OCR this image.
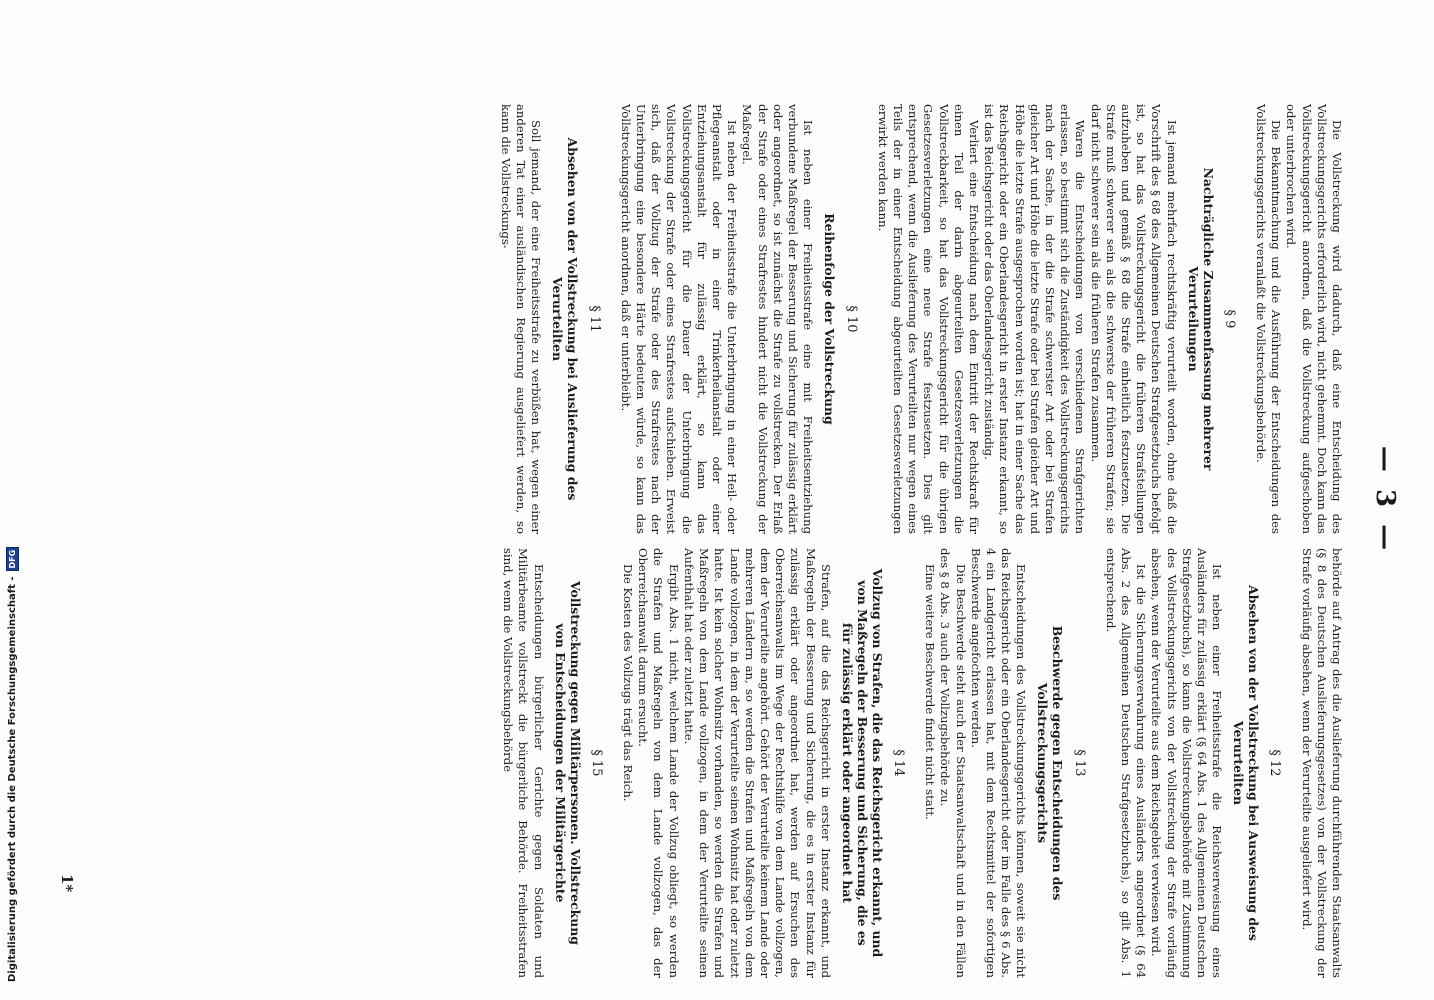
— 3 —

Die Vollstreckung wird dadurch, daß eine Entscheidung des Vollstreckungsgerichts erforderlich wird, nicht gehemmt. Doch kann das Vollstreckungsgericht anordnen, daß die Vollstreckung aufgeschoben oder unterbrochen wird.

Die Bekanntmachung und die Ausführung der Entscheidungen des Vollstreckungsgerichts veranlaßt die Vollstreckungsbehörde.

§ 9
Nachträgliche Zusammenfassung mehrerer Verurteilungen

Ist jemand mehrfach rechtskräftig verurteilt worden, ohne daß die Vorschrift des § 68 des Allgemeinen Deutschen Strafgesetzbuchs befolgt ist, so hat das Vollstreckungsgericht die früheren Strafstellungen aufzuheben und gemäß § 68 die Strafe einheitlich festzusetzen. Die Strafe muß schwerer sein als die schwerste der früheren Strafen; sie darf nicht schwerer sein als die früheren Strafen zusammen.

Waren die Entscheidungen von verschiedenen Strafgerichten erlassen, so bestimmt sich die Zuständigkeit des Vollstreckungsgerichts nach der Sache, in der die Strafe schwerster Art oder bei Strafen gleicher Art und Höhe die letzte Strafe oder bei Strafen gleicher Art und Höhe die letzte Strafe ausgesprochen worden ist; hat in einer Sache das Reichsgericht oder ein Oberlandesgericht in erster Instanz erkannt, so ist das Reichsgericht oder das Oberlandesgericht zuständig.

Verliert eine Entscheidung nach dem Eintritt der Rechtskraft für einen Teil der darin abgeurteilten Gesetzesverletzungen die Vollstreckbarkeit, so hat das Vollstreckungsgericht für die übrigen Gesetzesverletzungen eine neue Strafe festzusetzen. Dies gilt entsprechend, wenn die Auslieferung des Verurteilten nur wegen eines Teils der in einer Entscheidung abgeurteilten Gesetzesverletzungen erwirkt werden kann.

§ 10
Reihenfolge der Vollstreckung

Ist neben einer Freiheitsstrafe eine mit Freiheitsentziehung verbundene Maßregel der Besserung und Sicherung für zulässig erklärt oder angeordnet, so ist zunächst die Strafe zu vollstrecken. Der Erlaß der Strafe oder eines Strafrestes hindert nicht die Vollstreckung der Maßregel.

Ist neben der Freiheitsstrafe die Unterbringung in einer Heil- oder Pflegeanstalt oder in einer Trinkerheilanstalt oder einer Entziehungsanstalt für zulässig erklärt, so kann das Vollstreckungsgericht für die Dauer der Unterbringung die Vollstreckung der Strafe oder eines Strafrestes aufschieben. Erweist sich, daß der Vollzug der Strafe oder des Strafrestes nach der Unterbringung eine besondere Härte bedeuten würde, so kann das Vollstreckungsgericht anordnen, daß er unterbleibt.

§ 11
Absehen von der Vollstreckung bei Auslieferung des Verurteilten

Soll jemand, der eine Freiheitsstrafe zu verbüßen hat, wegen einer anderen Tat einer ausländischen Regierung ausgeliefert werden, so kann die Vollstreckungs-

behörde auf Antrag des die Auslieferung durchführenden Staatsanwalts (§ 8 des Deutschen Auslieferungsgesetzes) von der Vollstreckung der Strafe vorläufig absehen, wenn der Verurteilte ausgeliefert wird.

§ 12
Absehen von der Vollstreckung bei Ausweisung des Verurteilten

Ist neben einer Freiheitsstrafe die Reichsverweisung eines Ausländers für zulässig erklärt (§ 64 Abs. 1 des Allgemeinen Deutschen Strafgesetzbuchs), so kann die Vollstreckungsbehörde mit Zustimmung des Vollstreckungsgerichts von der Vollstreckung der Strafe vorläufig absehen, wenn der Verurteilte aus dem Reichsgebiet verwiesen wird.

Ist die Sicherungsverwahrung eines Ausländers angeordnet (§ 64 Abs. 2 des Allgemeinen Deutschen Strafgesetzbuchs), so gilt Abs. 1 entsprechend.

§ 13
Beschwerde gegen Entscheidungen des Vollstreckungsgerichts

Entscheidungen des Vollstreckungsgerichts können, soweit sie nicht das Reichsgericht oder ein Oberlandesgericht oder im Falle des § 6 Abs. 4 ein Landgericht erlassen hat, mit dem Rechtsmittel der sofortigen Beschwerde angefochten werden.

Die Beschwerde steht auch der Staatsanwaltschaft und in den Fällen des § 8 Abs. 3 auch der Vollzugsbehörde zu.

Eine weitere Beschwerde findet nicht statt.

§ 14
Vollzug von Strafen, die das Reichsgericht erkannt, und von Maßregeln der Besserung und Sicherung, die es für zulässig erklärt oder angeordnet hat

Strafen, auf die das Reichsgericht in erster Instanz erkannt, und Maßregeln der Besserung und Sicherung, die es in erster Instanz für zulässig erklärt oder angeordnet hat, werden auf Ersuchen des Oberreichsanwalts im Wege der Rechtshilfe von dem Lande vollzogen, dem der Verurteilte angehört. Gehört der Verurteilte keinem Lande oder mehreren Ländern an, so werden die Strafen und Maßregeln von dem Lande vollzogen, in dem der Verurteilte seinen Wohnsitz hat oder zuletzt hatte. Ist kein solcher Wohnsitz vorhanden, so werden die Strafen und Maßregeln von dem Lande vollzogen, in dem der Verurteilte seinen Aufenthalt hat oder zuletzt hatte.

Ergibt Abs. 1 nicht, welchem Lande der Vollzug obliegt, so werden die Strafen und Maßregeln von dem Lande vollzogen, das der Oberreichsanwalt darum ersucht.

Die Kosten des Vollzugs trägt das Reich.

§ 15
Vollstreckung gegen Militärpersonen. Vollstreckung von Entscheidungen der Militärgerichte

Entscheidungen bürgerlicher Gerichte gegen Soldaten und Militärbeamte vollstreckt die bürgerliche Behörde. Freiheitsstrafen sind, wenn die Vollstreckungsbehörde

1*
Digitalisierung gefördert durch die Deutsche Forschungsgemeinschaft -
DFG
